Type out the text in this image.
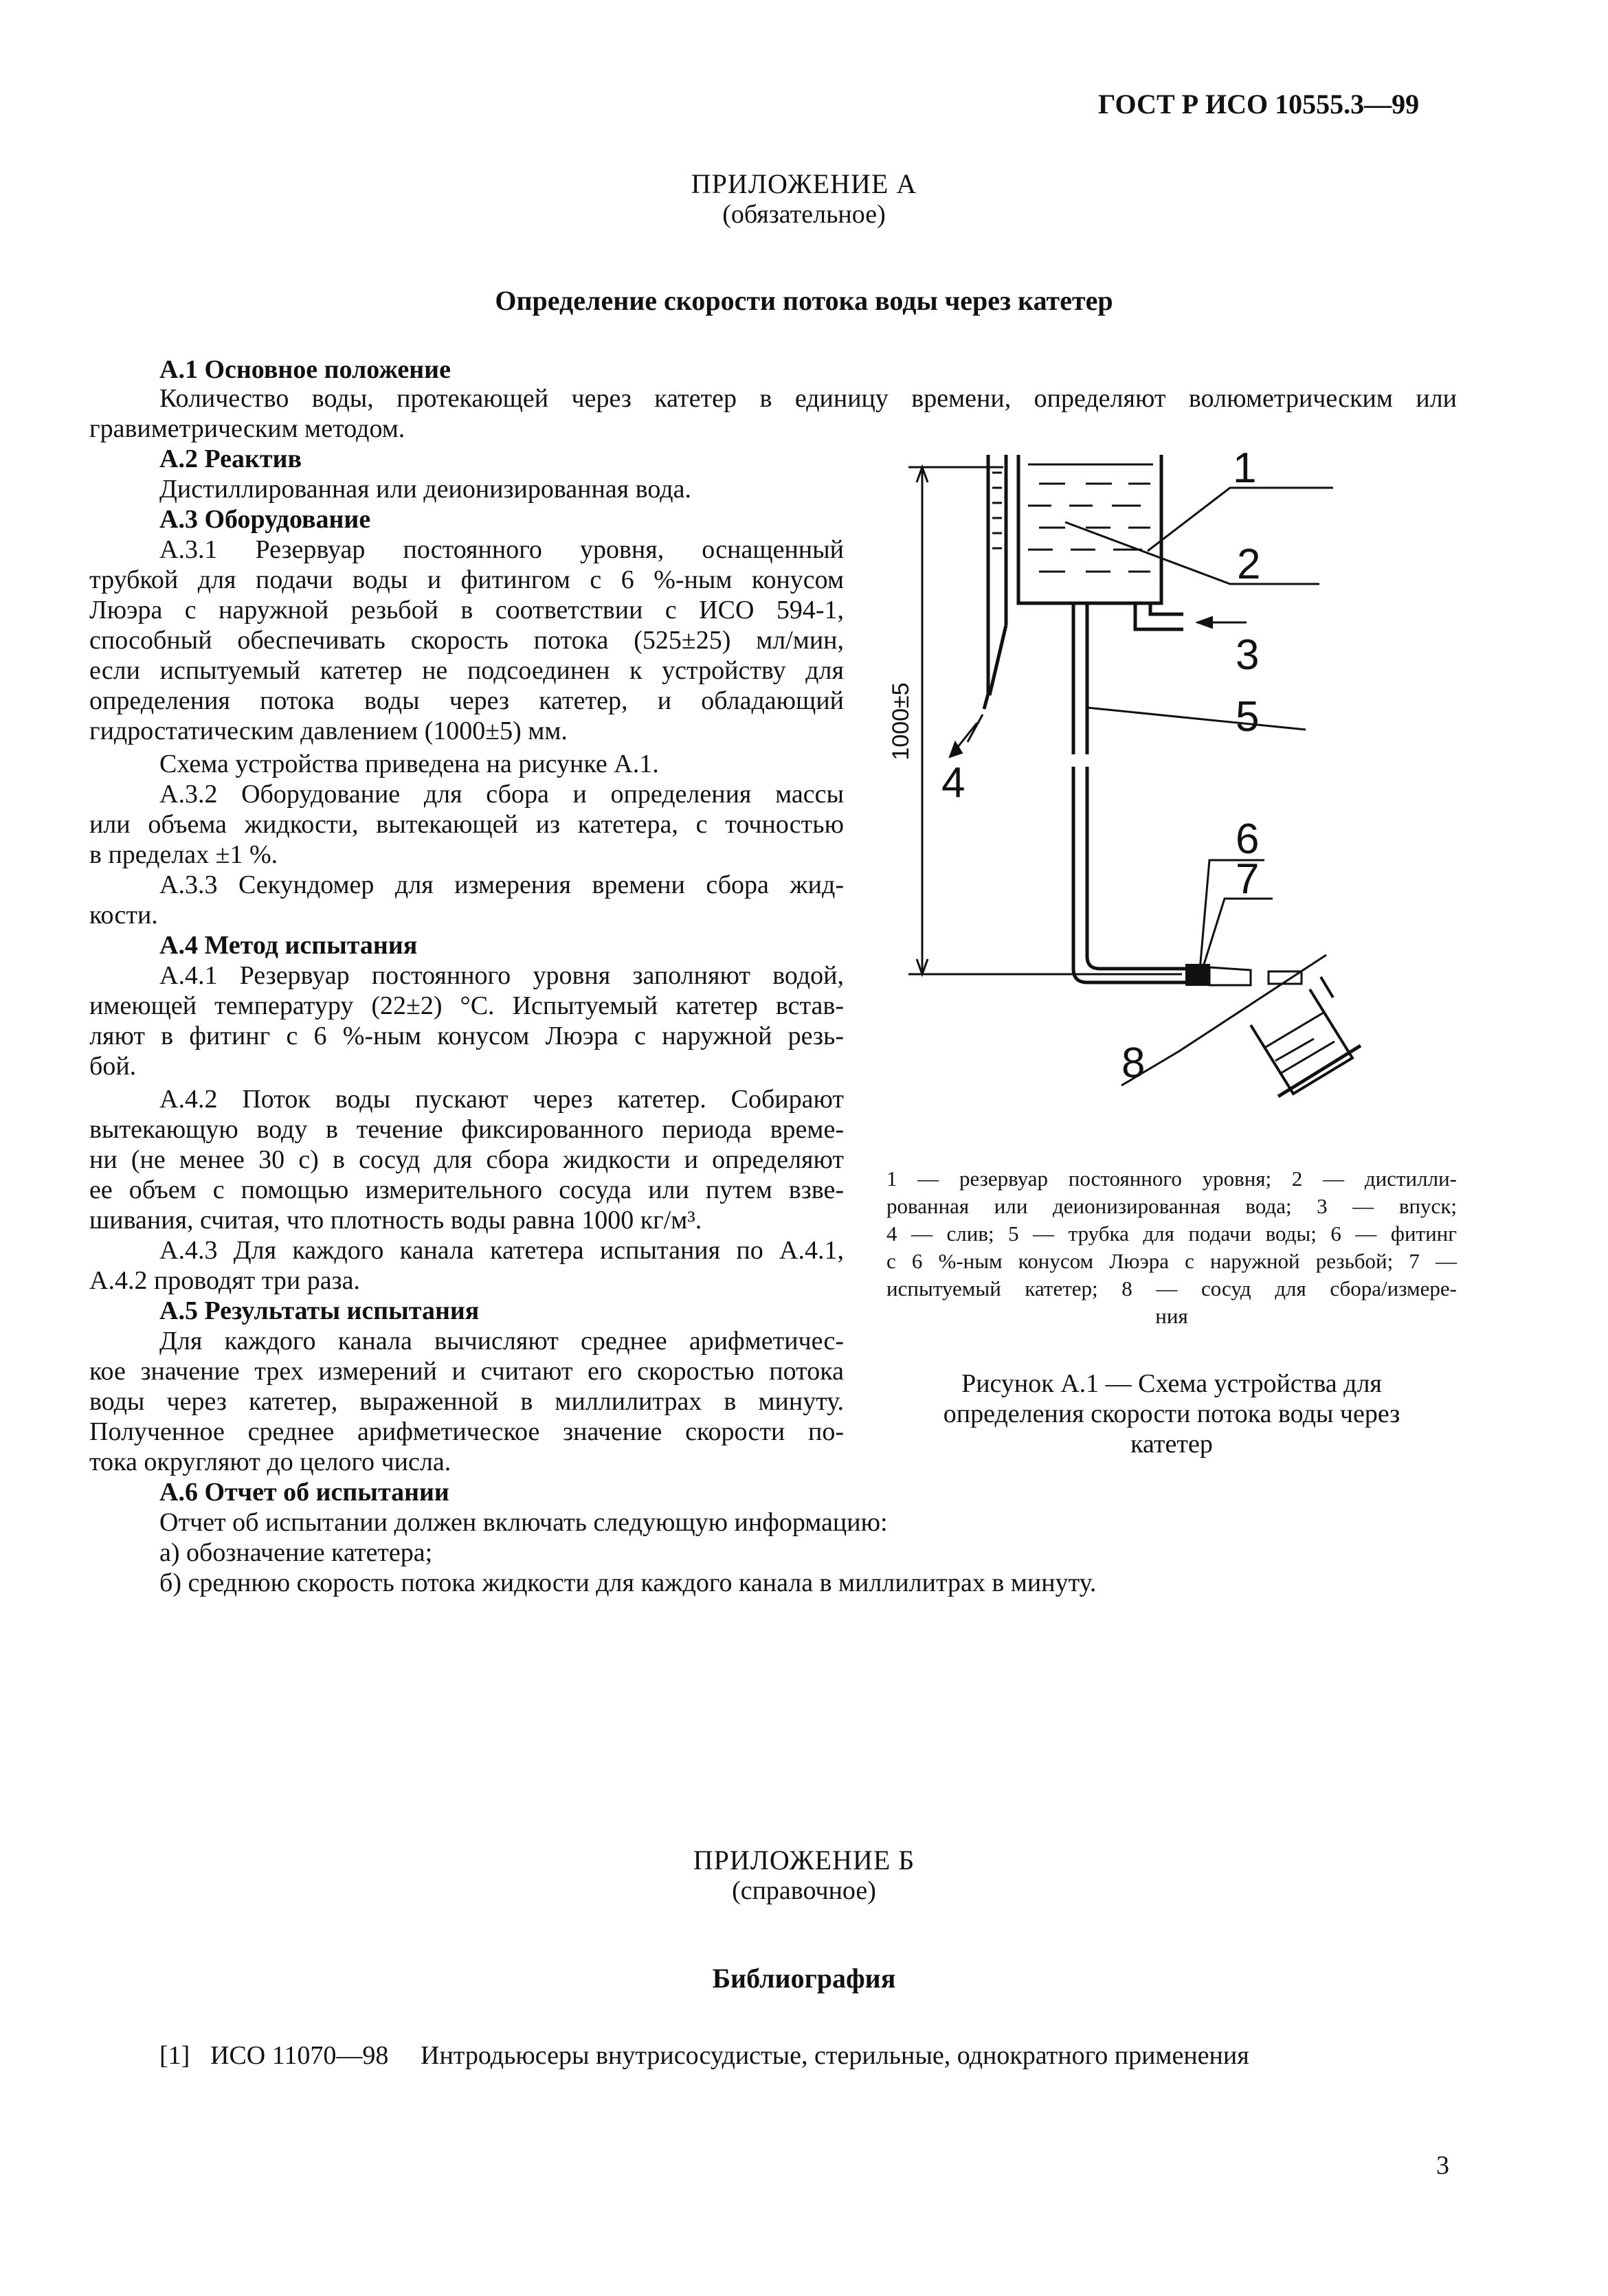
ГОСТ Р ИСО 10555.3—99
ПРИЛОЖЕНИЕ А
(обязательное)
Определение скорости потока воды через катетер
А.1 Основное положение
Количество воды, протекающей через катетер в единицу времени, определяют волюметрическим или
гравиметрическим методом.
А.2 Реактив
Дистиллированная или деионизированная вода.
А.3 Оборудование
А.3.1 Резервуар постоянного уровня, оснащенный
трубкой для подачи воды и фитингом с 6 %-ным конусом
Люэра с наружной резьбой в соответствии с ИСО 594-1,
способный обеспечивать скорость потока (525±25) мл/мин,
если испытуемый катетер не подсоединен к устройству для
определения потока воды через катетер, и обладающий
гидростатическим давлением (1000±5) мм.
Схема устройства приведена на рисунке А.1.
А.3.2 Оборудование для сбора и определения массы
или объема жидкости, вытекающей из катетера, с точностью
в пределах ±1 %.
А.3.3 Секундомер для измерения времени сбора жид-
кости.
А.4 Метод испытания
А.4.1 Резервуар постоянного уровня заполняют водой,
имеющей температуру (22±2) °С. Испытуемый катетер встав-
ляют в фитинг с 6 %-ным конусом Люэра с наружной резь-
бой.
А.4.2 Поток воды пускают через катетер. Собирают
вытекающую воду в течение фиксированного периода време-
ни (не менее 30 с) в сосуд для сбора жидкости и определяют
ее объем с помощью измерительного сосуда или путем взве-
шивания, считая, что плотность воды равна 1000 кг/м³.
А.4.3 Для каждого канала катетера испытания по А.4.1,
А.4.2 проводят три раза.
А.5 Результаты испытания
Для каждого канала вычисляют среднее арифметичес-
кое значение трех измерений и считают его скоростью потока
воды через катетер, выраженной в миллилитрах в минуту.
Полученное среднее арифметическое значение скорости по-
тока округляют до целого числа.
А.6 Отчет об испытании
Отчет об испытании должен включать следующую информацию:
а) обозначение катетера;
б) среднюю скорость потока жидкости для каждого канала в миллилитрах в минуту.
1
2
3
4
5
6
7
8
1000±5
1 — резервуар постоянного уровня; 2 — дистилли-
рованная или деионизированная вода; 3 — впуск;
4 — слив; 5 — трубка для подачи воды; 6 — фитинг
с 6 %-ным конусом Люэра с наружной резьбой; 7 —
испытуемый катетер; 8 — сосуд для сбора/измере-
ния
Рисунок А.1 — Схема устройства для
определения скорости потока воды через
катетер
ПРИЛОЖЕНИЕ Б
(справочное)
Библиография
[1] ИСО 11070—98 Интродьюсеры внутрисосудистые, стерильные, однократного применения
3
